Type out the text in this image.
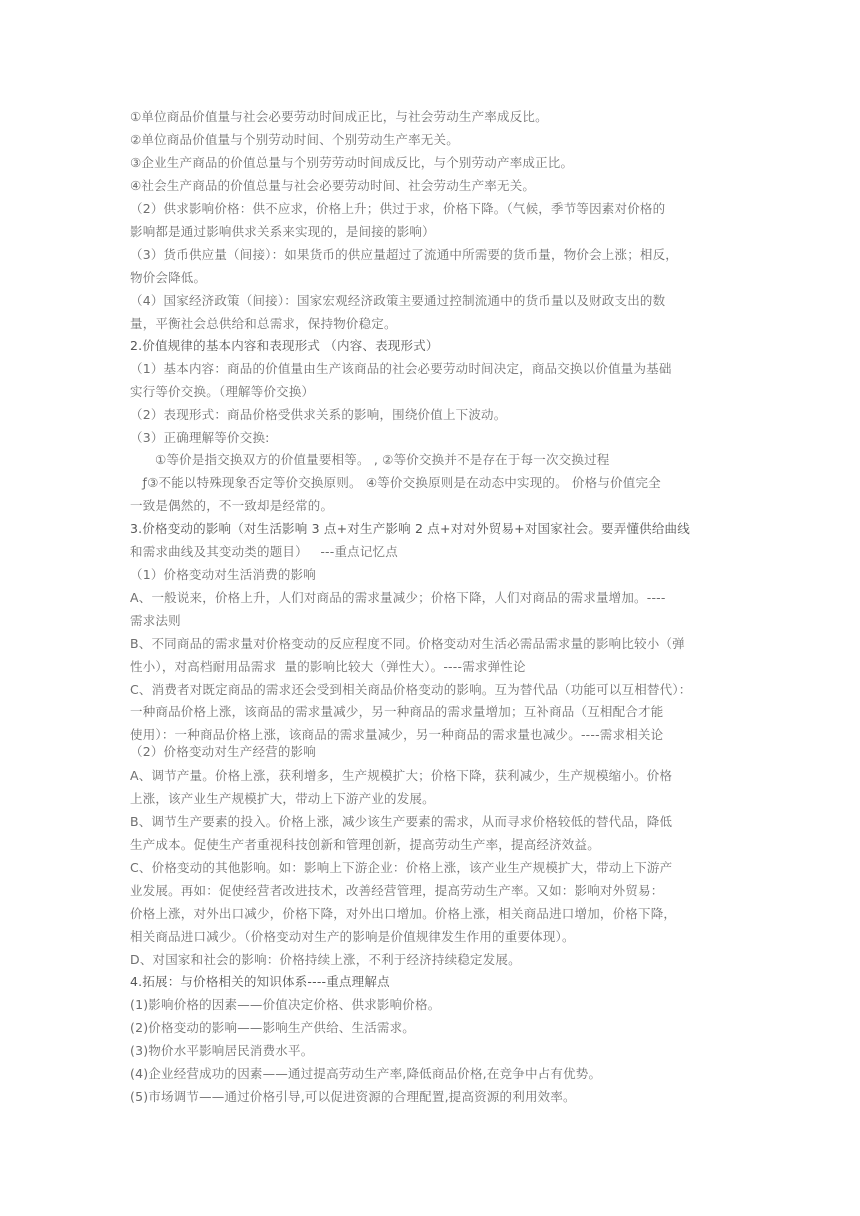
①单位商品价值量与社会必要劳动时间成正比，与社会劳动生产率成反比。
②单位商品价值量与个别劳动时间、个别劳动生产率无关。
③企业生产商品的价值总量与个别劳劳动时间成反比，与个别劳动产率成正比。
④社会生产商品的价值总量与社会必要劳动时间、社会劳动生产率无关。
（2）供求影响价格：供不应求，价格上升；供过于求，价格下降。（气候，季节等因素对价格的
影响都是通过影响供求关系来实现的，是间接的影响）
（3）货币供应量（间接）：如果货币的供应量超过了流通中所需要的货币量，物价会上涨；相反，
物价会降低。
（4）国家经济政策（间接）：国家宏观经济政策主要通过控制流通中的货币量以及财政支出的数
量，平衡社会总供给和总需求，保持物价稳定。
2.价值规律的基本内容和表现形式 （内容、表现形式）
（1）基本内容：商品的价值量由生产该商品的社会必要劳动时间决定，商品交换以价值量为基础
实行等价交换。（理解等价交换）
（2）表现形式：商品价格受供求关系的影响，围绕价值上下波动。
（3）正确理解等价交换:
①等价是指交换双方的价值量要相等。 , ②等价交换并不是存在于每一次交换过程
ƒ③不能以特殊现象否定等价交换原则。 ④等价交换原则是在动态中实现的。 价格与价值完全
一致是偶然的，不一致却是经常的。
3.价格变动的影响（对生活影响 3 点+对生产影响 2 点+对对外贸易+对国家社会。要弄懂供给曲线
和需求曲线及其变动类的题目）   ---重点记忆点
（1）价格变动对生活消费的影响
A、一般说来，价格上升，人们对商品的需求量减少；价格下降，人们对商品的需求量增加。----
需求法则
B、不同商品的需求量对价格变动的反应程度不同。价格变动对生活必需品需求量的影响比较小（弹
性小），对高档耐用品需求  量的影响比较大（弹性大）。----需求弹性论
C、消费者对既定商品的需求还会受到相关商品价格变动的影响。互为替代品（功能可以互相替代）：
一种商品价格上涨，该商品的需求量减少，另一种商品的需求量增加；互补商品（互相配合才能
使用）：一种商品价格上涨，该商品的需求量减少，另一种商品的需求量也减少。----需求相关论
（2）价格变动对生产经营的影响
A、调节产量。价格上涨，获利增多，生产规模扩大；价格下降，获利减少，生产规模缩小。价格
上涨，该产业生产规模扩大，带动上下游产业的发展。
B、调节生产要素的投入。价格上涨，减少该生产要素的需求，从而寻求价格较低的替代品，降低
生产成本。促使生产者重视科技创新和管理创新，提高劳动生产率，提高经济效益。
C、价格变动的其他影响。如：影响上下游企业：价格上涨，该产业生产规模扩大，带动上下游产
业发展。再如：促使经营者改进技术，改善经营管理，提高劳动生产率。又如：影响对外贸易：
价格上涨，对外出口减少，价格下降，对外出口增加。价格上涨，相关商品进口增加，价格下降，
相关商品进口减少。（价格变动对生产的影响是价值规律发生作用的重要体现）。
D、对国家和社会的影响：价格持续上涨，不利于经济持续稳定发展。
4.拓展：与价格相关的知识体系----重点理解点
(1)影响价格的因素——价值决定价格、供求影响价格。
(2)价格变动的影响——影响生产供给、生活需求。
(3)物价水平影响居民消费水平。
(4)企业经营成功的因素——通过提高劳动生产率,降低商品价格,在竞争中占有优势。
(5)市场调节——通过价格引导,可以促进资源的合理配置,提高资源的利用效率。
